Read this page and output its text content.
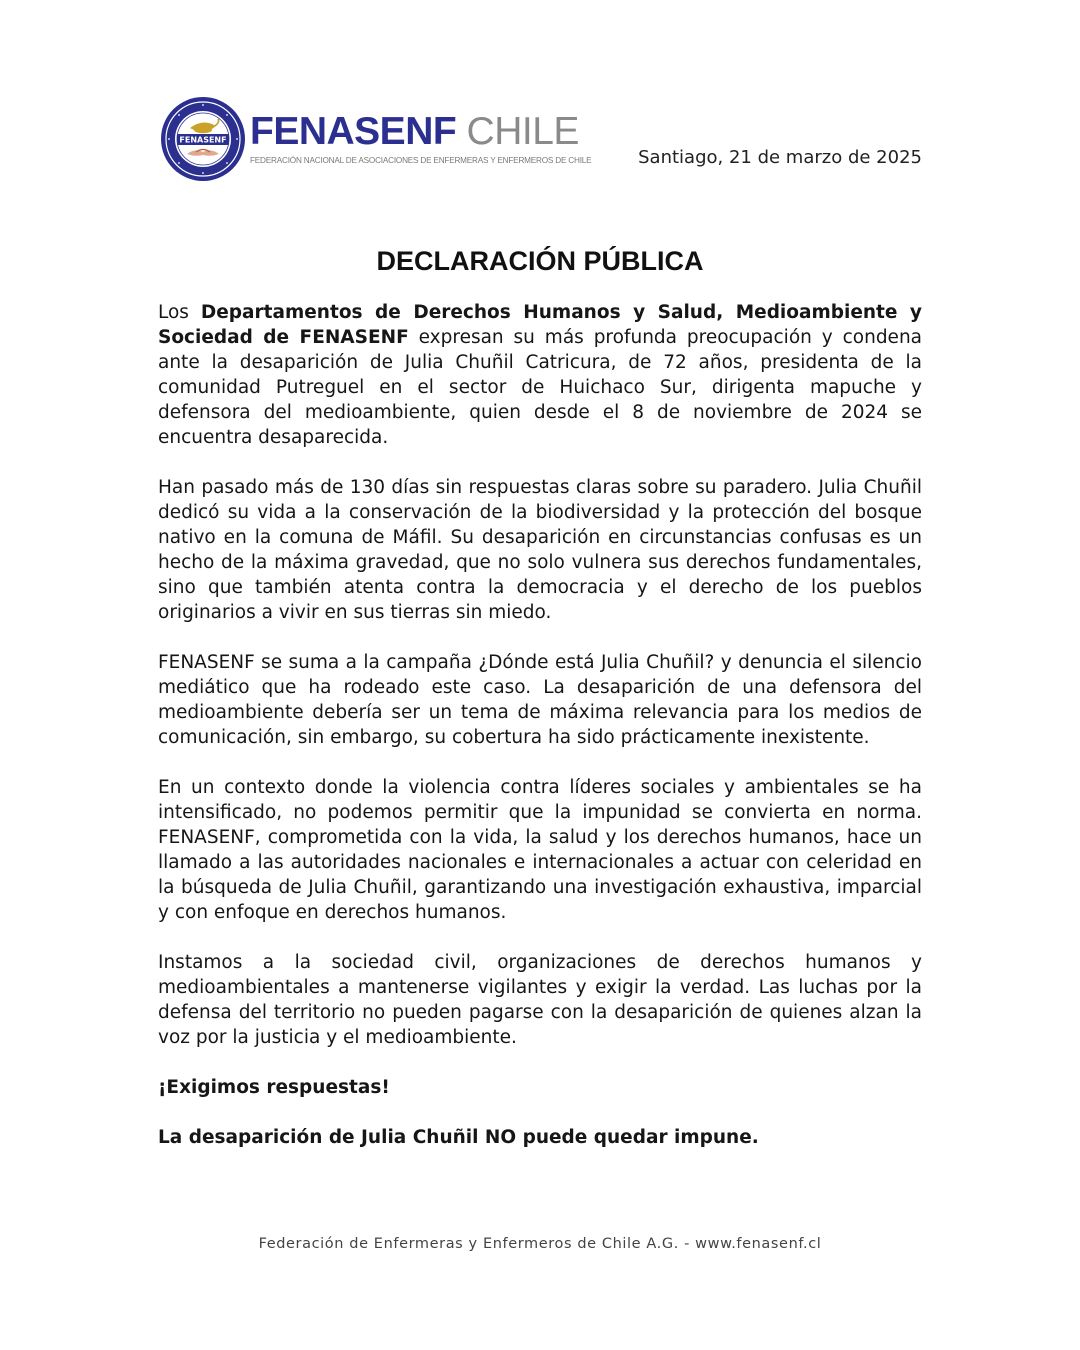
FENASENF FENASENF CHILE
FEDERACIÓN NACIONAL DE ASOCIACIONES DE ENFERMERAS Y ENFERMEROS DE CHILE	Santiago, 21 de marzo de 2025
DECLARACIÓN PÚBLICA

Los Departamentos de Derechos Humanos y Salud, Medioambiente y Sociedad de FENASENF expresan su más profunda preocupación y condena ante la desaparición de Julia Chuñil Catricura, de 72 años, presidenta de la comunidad Putreguel en el sector de Huichaco Sur, dirigenta mapuche y defensora del medioambiente, quien desde el 8 de noviembre de 2024 se encuentra desaparecida.

Han pasado más de 130 días sin respuestas claras sobre su paradero. Julia Chuñil dedicó su vida a la conservación de la biodiversidad y la protección del bosque nativo en la comuna de Máfil. Su desaparición en circunstancias confusas es un hecho de la máxima gravedad, que no solo vulnera sus derechos fundamentales, sino que también atenta contra la democracia y el derecho de los pueblos originarios a vivir en sus tierras sin miedo.

FENASENF se suma a la campaña ¿Dónde está Julia Chuñil? y denuncia el silencio mediático que ha rodeado este caso. La desaparición de una defensora del medioambiente debería ser un tema de máxima relevancia para los medios de comunicación, sin embargo, su cobertura ha sido prácticamente inexistente.

En un contexto donde la violencia contra líderes sociales y ambientales se ha intensificado, no podemos permitir que la impunidad se convierta en norma. FENASENF, comprometida con la vida, la salud y los derechos humanos, hace un llamado a las autoridades nacionales e internacionales a actuar con celeridad en la búsqueda de Julia Chuñil, garantizando una investigación exhaustiva, imparcial y con enfoque en derechos humanos.

Instamos a la sociedad civil, organizaciones de derechos humanos y medioambientales a mantenerse vigilantes y exigir la verdad. Las luchas por la defensa del territorio no pueden pagarse con la desaparición de quienes alzan la voz por la justicia y el medioambiente.

¡Exigimos respuestas!

La desaparición de Julia Chuñil NO puede quedar impune.

Federación de Enfermeras y Enfermeros de Chile A.G. - www.fenasenf.cl
